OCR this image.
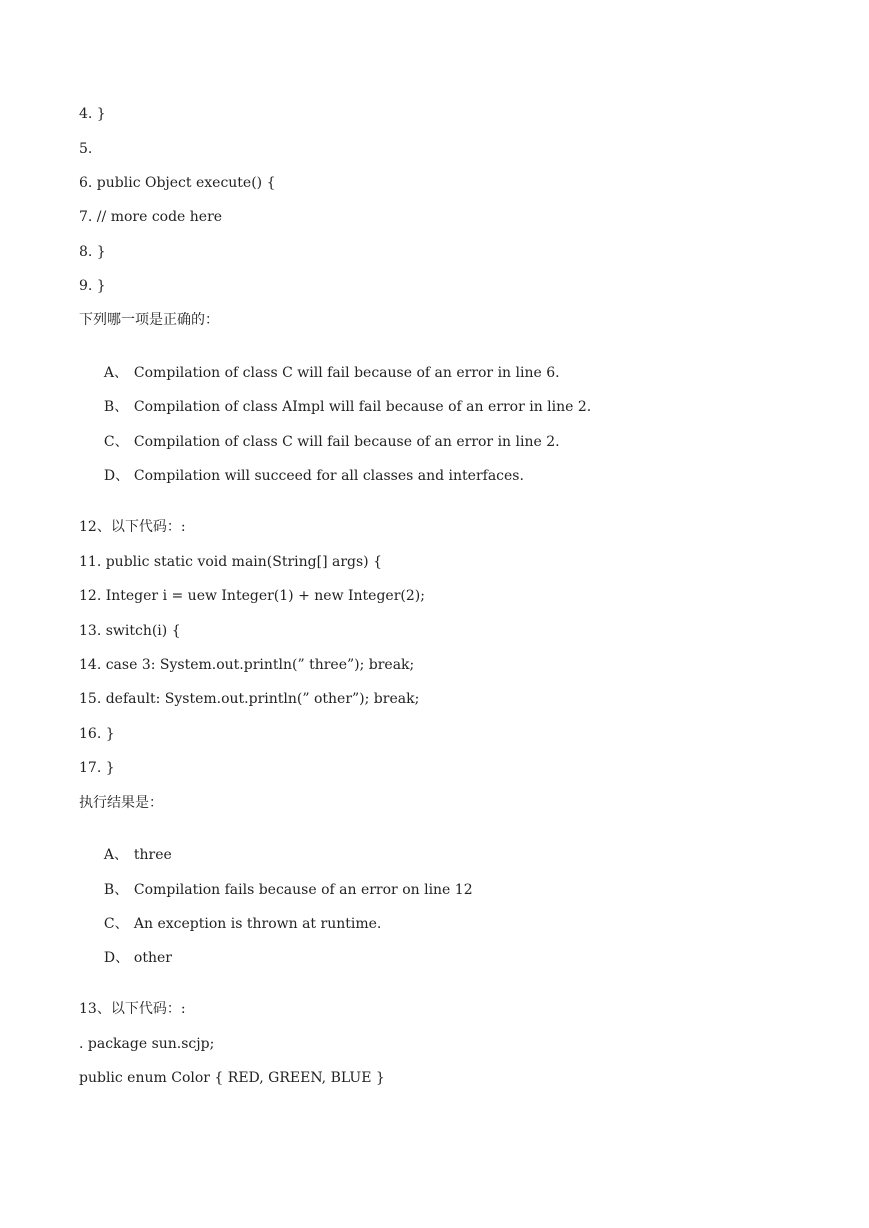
4. }
5.
6. public Object execute() {
7. // more code here
8. }
9. }
下列哪一项是正确的：

A、 Compilation of class C will fail because of an error in line 6.

B、 Compilation of class AImpl will fail because of an error in line 2.

C、 Compilation of class C will fail because of an error in line 2.

D、 Compilation will succeed for all classes and interfaces.

12、以下代码：:
11. public static void main(String[] args) {
12. Integer i = uew Integer(1) + new Integer(2);
13. switch(i) {
14. case 3: System.out.println(” three”); break;
15. default: System.out.println(” other”); break;
16. }
17. }
执行结果是：

A、 three

B、 Compilation fails because of an error on line 12

C、 An exception is thrown at runtime.

D、 other

13、以下代码：:
. package sun.scjp;
public enum Color { RED, GREEN, BLUE }
